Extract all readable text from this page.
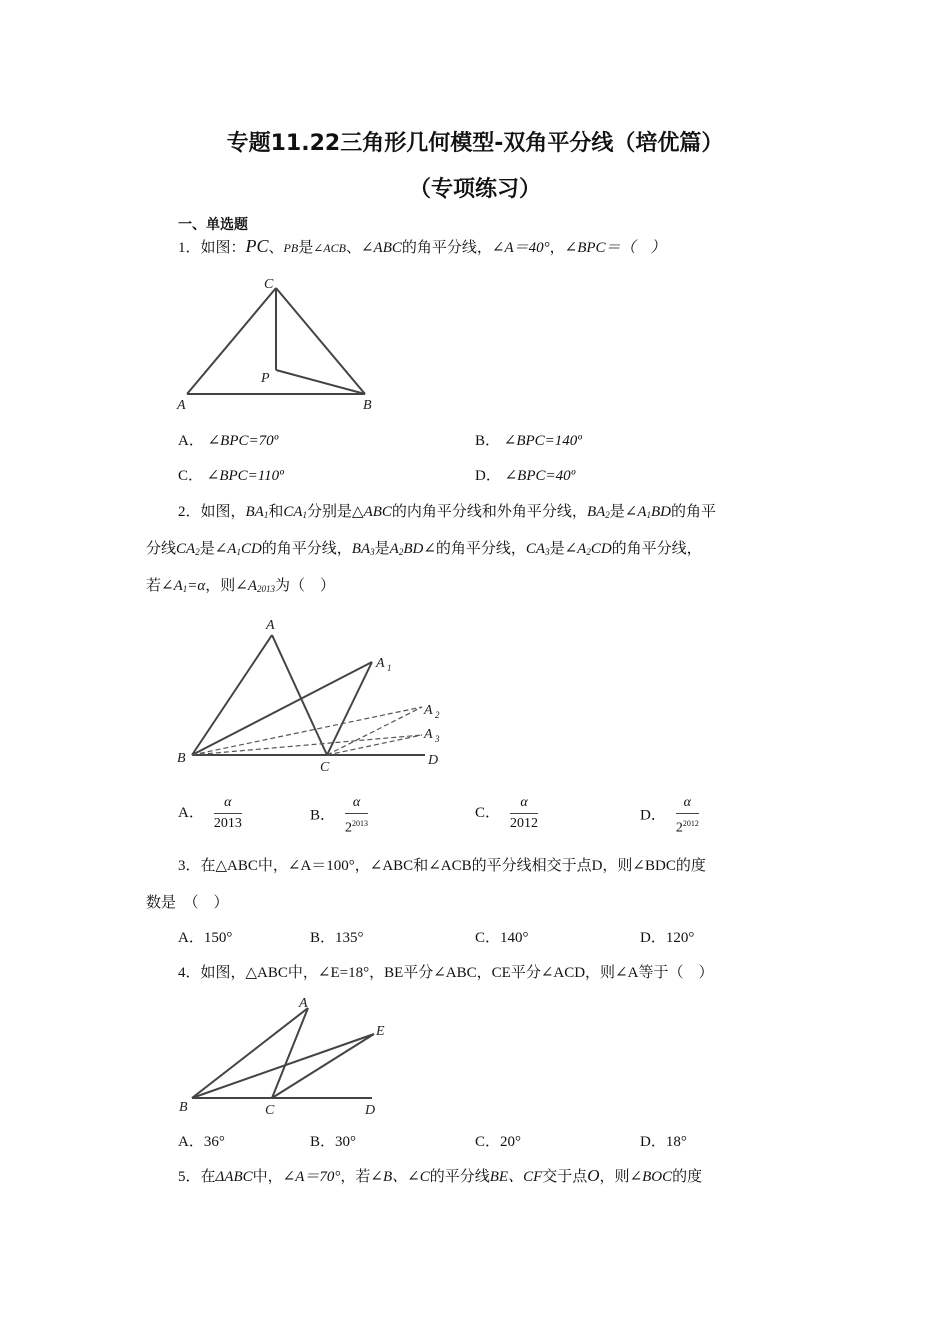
专题11.22三角形几何模型-双角平分线（培优篇）
（专项练习）
一、单选题
1．如图：PC、PB是∠ACB、∠ABC的角平分线，∠A＝40°，∠BPC＝（　）
C
P
A	B
A． ∠BPC=70º	B． ∠BPC=140º
C． ∠BPC=110º	D． ∠BPC=40º
2．如图，$BA_1$和$CA_1$分别是△ABC的内角平分线和外角平分线，$BA_2$是$\angle A_1BD$的角平
分线$CA_2$是$\angle A_1CD$的角平分线，$BA_3$是$A_2BD\angle$的角平分线，$CA_3$是$\angle A_2CD$的角平分线，
若$\angle A_1=\alpha$，则$\angle A_{2013}$为（　）
A
A 1
A 2
A 3
B
C	D
A． $\frac{\alpha}{2013}$	B． $\frac{\alpha}{2^{2013}}$	C． $\frac{\alpha}{2012}$	D． $\frac{\alpha}{2^{2012}}$
3．在△ABC中，∠A＝100°，∠ABC和∠ACB的平分线相交于点D，则∠BDC的度
数是　（　）
A．150°	B．135°	C．140°	D．120°
4．如图，△ABC中，∠E=18°，BE平分∠ABC，CE平分∠ACD，则∠A等于（　）
A
E
B	C	D
A．36°	B．30°	C．20°	D．18°
5．在ΔABC中，∠A＝70°，若∠B、∠C的平分线BE、CF交于点O，则∠BOC的度
